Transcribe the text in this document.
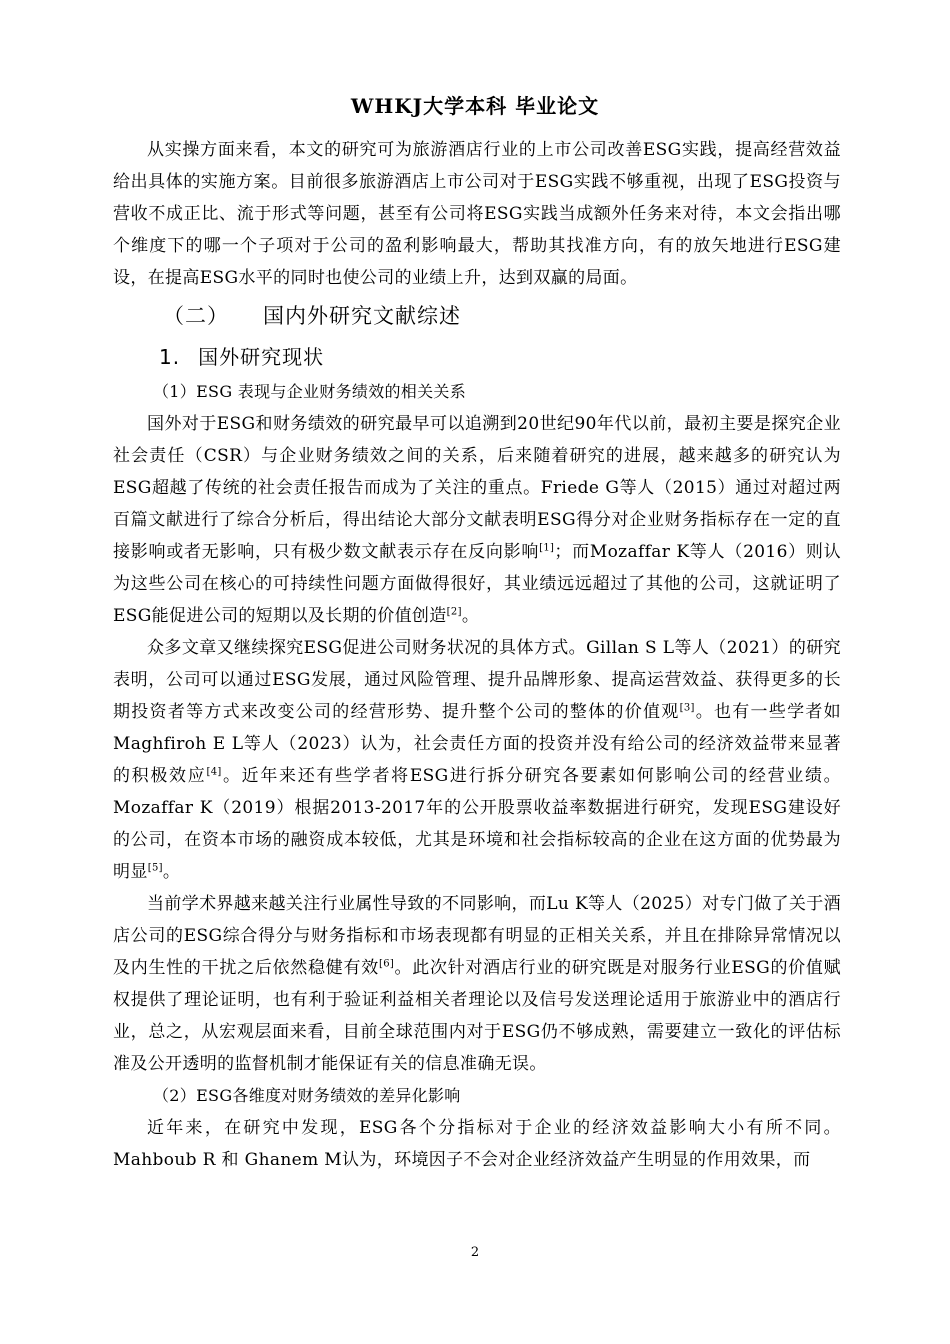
WHKJ大学本科 毕业论文

从实操方面来看，本文的研究可为旅游酒店行业的上市公司改善ESG实践，提高经营效益给出具体的实施方案。目前很多旅游酒店上市公司对于ESG实践不够重视，出现了ESG投资与营收不成正比、流于形式等问题，甚至有公司将ESG实践当成额外任务来对待，本文会指出哪个维度下的哪一个子项对于公司的盈利影响最大，帮助其找准方向，有的放矢地进行ESG建设，在提高ESG水平的同时也使公司的业绩上升，达到双赢的局面。

（二） 国内外研究文献综述
1. 国外研究现状
（1）ESG 表现与企业财务绩效的相关关系

国外对于ESG和财务绩效的研究最早可以追溯到20世纪90年代以前，最初主要是探究企业社会责任（CSR）与企业财务绩效之间的关系，后来随着研究的进展，越来越多的研究认为ESG超越了传统的社会责任报告而成为了关注的重点。Friede G等人（2015）通过对超过两百篇文献进行了综合分析后，得出结论大部分文献表明ESG得分对企业财务指标存在一定的直接影响或者无影响，只有极少数文献表示存在反向影响[1]；而Mozaffar K等人（2016）则认为这些公司在核心的可持续性问题方面做得很好，其业绩远远超过了其他的公司，这就证明了ESG能促进公司的短期以及长期的价值创造[2]。

众多文章又继续探究ESG促进公司财务状况的具体方式。Gillan S L等人（2021）的研究表明，公司可以通过ESG发展，通过风险管理、提升品牌形象、提高运营效益、获得更多的长期投资者等方式来改变公司的经营形势、提升整个公司的整体的价值观[3]。也有一些学者如Maghfiroh E L等人（2023）认为，社会责任方面的投资并没有给公司的经济效益带来显著的积极效应[4]。近年来还有些学者将ESG进行拆分研究各要素如何影响公司的经营业绩。Mozaffar K（2019）根据2013-2017年的公开股票收益率数据进行研究，发现ESG建设好的公司，在资本市场的融资成本较低，尤其是环境和社会指标较高的企业在这方面的优势最为明显[5]。

当前学术界越来越关注行业属性导致的不同影响，而Lu K等人（2025）对专门做了关于酒店公司的ESG综合得分与财务指标和市场表现都有明显的正相关关系，并且在排除异常情况以及内生性的干扰之后依然稳健有效[6]。此次针对酒店行业的研究既是对服务行业ESG的价值赋权提供了理论证明，也有利于验证利益相关者理论以及信号发送理论适用于旅游业中的酒店行业，总之，从宏观层面来看，目前全球范围内对于ESG仍不够成熟，需要建立一致化的评估标准及公开透明的监督机制才能保证有关的信息准确无误。

（2）ESG各维度对财务绩效的差异化影响

近年来，在研究中发现，ESG各个分指标对于企业的经济效益影响大小有所不同。Mahboub R 和 Ghanem M认为，环境因子不会对企业经济效益产生明显的作用效果，而

2
